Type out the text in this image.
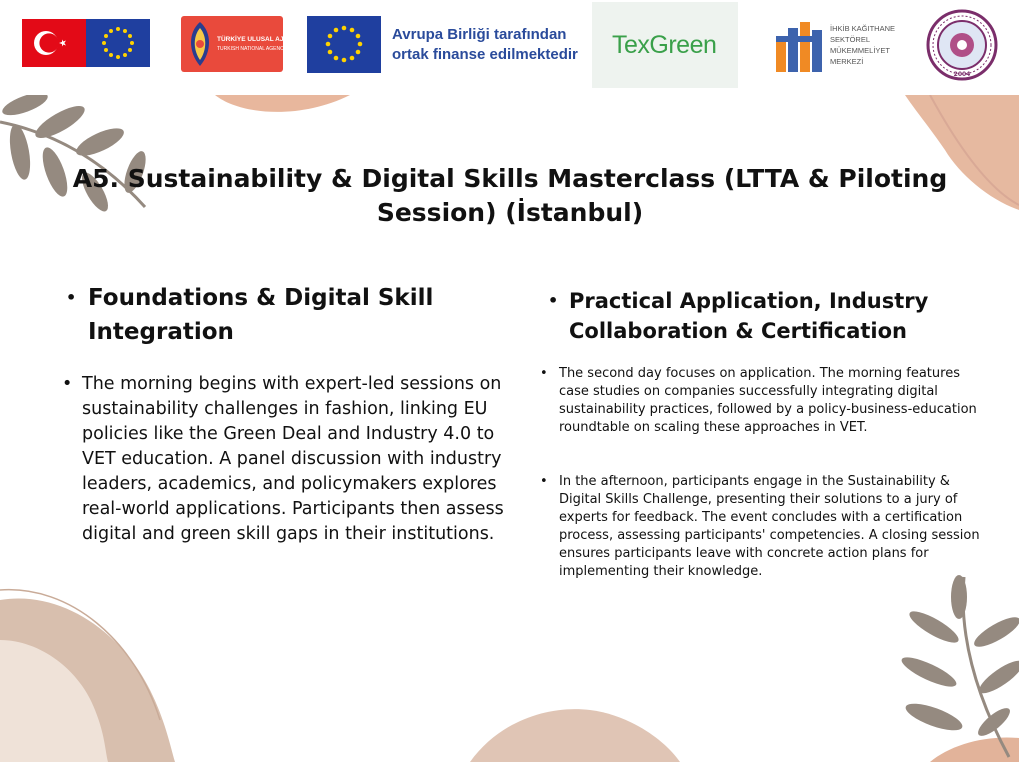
TÜRKİYE ULUSAL AJANSI
TURKISH NATIONAL AGENCY
Avrupa Birliği tarafından
ortak finanse edilmektedir TexGreen
İHKİB KAĞITHANE
SEKTÖREL
MÜKEMMELİYET
MERKEZİ
2004
A5. Sustainability & Digital Skills Masterclass (LTTA & Piloting Session) (İstanbul)
• Foundations & Digital Skill
Integration
• The morning begins with expert-led sessions on sustainability challenges in fashion, linking EU policies like the Green Deal and Industry 4.0 to VET education. A panel discussion with industry leaders, academics, and policymakers explores real-world applications. Participants then assess digital and green skill gaps in their institutions.
• Practical Application, Industry
Collaboration & Certification
• The second day focuses on application. The morning features case studies on companies successfully integrating digital sustainability practices, followed by a policy-business-education roundtable on scaling these approaches in VET.
• In the afternoon, participants engage in the Sustainability & Digital Skills Challenge, presenting their solutions to a jury of experts for feedback. The event concludes with a certification process, assessing participants' competencies. A closing session ensures participants leave with concrete action plans for implementing their knowledge.
